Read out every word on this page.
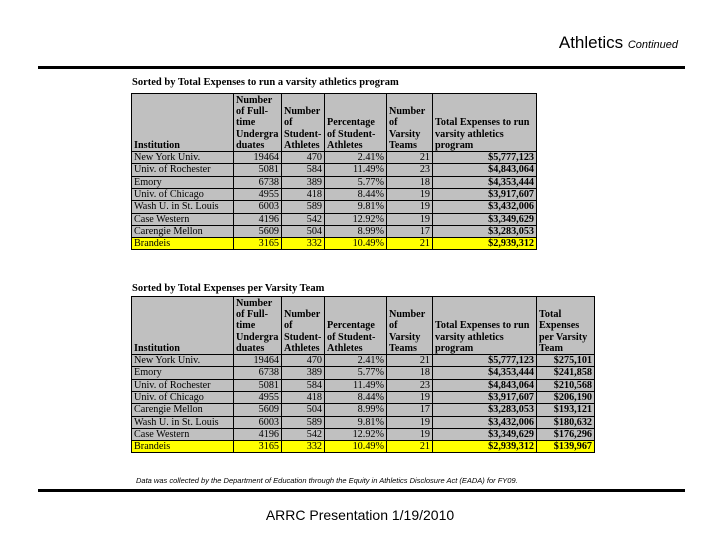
Athletics Continued
Sorted by Total Expenses to run a varsity athletics program
Institution	Number
of Full-
time
Undergra
duates	Number
of
Student-
Athletes	Percentage
of Student-
Athletes	Number
of
Varsity
Teams	Total Expenses to run
varsity athletics
program
New York Univ.	19464	470	2.41%	21	$5,777,123
Univ. of Rochester	5081	584	11.49%	23	$4,843,064
Emory	6738	389	5.77%	18	$4,353,444
Univ. of Chicago	4955	418	8.44%	19	$3,917,607
Wash U. in St. Louis	6003	589	9.81%	19	$3,432,006
Case Western	4196	542	12.92%	19	$3,349,629
Carengie Mellon	5609	504	8.99%	17	$3,283,053
Brandeis	3165	332	10.49%	21	$2,939,312
Sorted by Total Expenses per Varsity Team
Institution	Number
of Full-
time
Undergra
duates	Number
of
Student-
Athletes	Percentage
of Student-
Athletes	Number
of
Varsity
Teams	Total Expenses to run
varsity athletics
program	Total
Expenses
per Varsity
Team
New York Univ.	19464	470	2.41%	21	$5,777,123	$275,101
Emory	6738	389	5.77%	18	$4,353,444	$241,858
Univ. of Rochester	5081	584	11.49%	23	$4,843,064	$210,568
Univ. of Chicago	4955	418	8.44%	19	$3,917,607	$206,190
Carengie Mellon	5609	504	8.99%	17	$3,283,053	$193,121
Wash U. in St. Louis	6003	589	9.81%	19	$3,432,006	$180,632
Case Western	4196	542	12.92%	19	$3,349,629	$176,296
Brandeis	3165	332	10.49%	21	$2,939,312	$139,967
Data was collected by the Department of Education through the Equity in Athletics Disclosure Act (EADA) for FY09.
ARRC Presentation 1/19/2010
